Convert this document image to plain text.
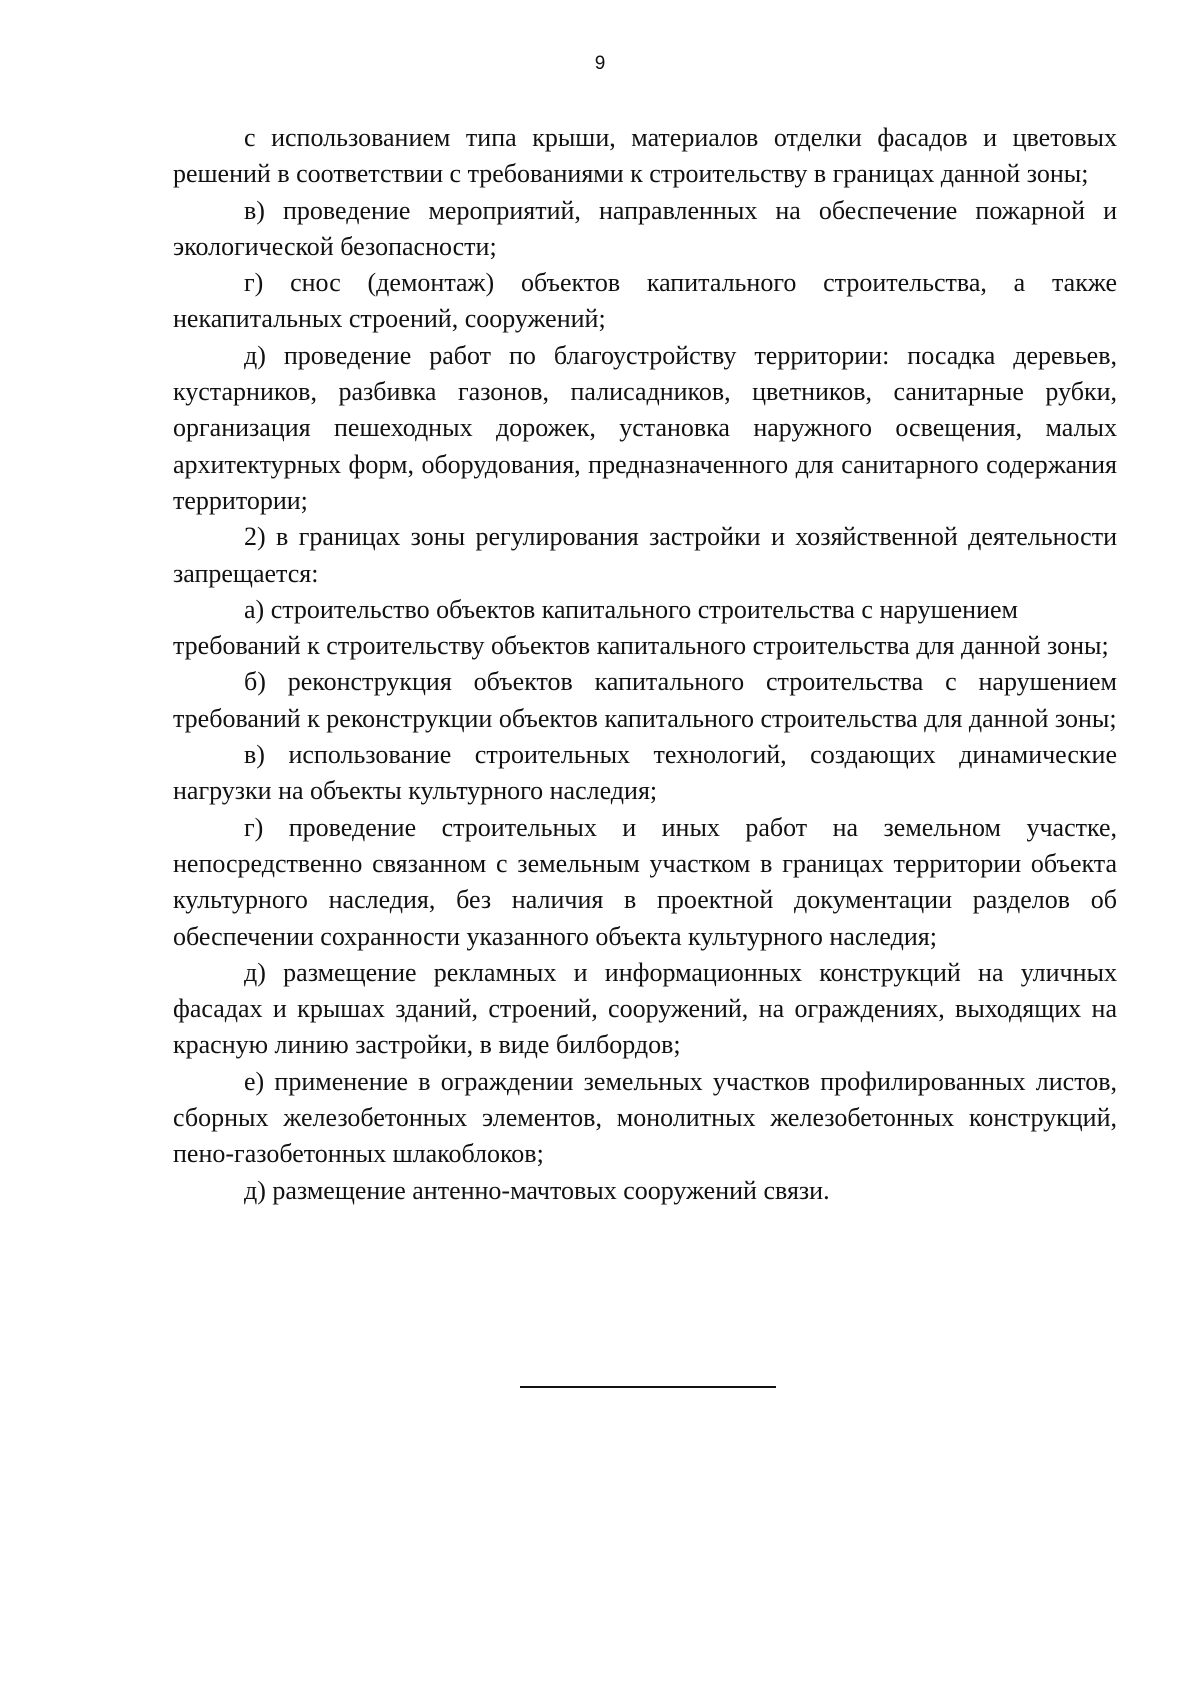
9

с использованием типа крыши, материалов отделки фасадов и цветовых решений в соответствии с требованиями к строительству в границах данной зоны;

в) проведение мероприятий, направленных на обеспечение пожарной и экологической безопасности;

г) снос (демонтаж) объектов капитального строительства, а также некапитальных строений, сооружений;

д) проведение работ по благоустройству территории: посадка деревьев, кустарников, разбивка газонов, палисадников, цветников, санитарные рубки, организация пешеходных дорожек, установка наружного освещения, малых архитектурных форм, оборудования, предназначенного для санитарного содержания территории;

2) в границах зоны регулирования застройки и хозяйственной деятельности запрещается:

а) строительство объектов капитального строительства с нарушением требований к строительству объектов капитального строительства для данной зоны;

б) реконструкция объектов капитального строительства с нарушением требований к реконструкции объектов капитального строительства для данной зоны;

в) использование строительных технологий, создающих динамические нагрузки на объекты культурного наследия;

г) проведение строительных и иных работ на земельном участке, непосредственно связанном с земельным участком в границах территории объекта культурного наследия, без наличия в проектной документации разделов об обеспечении сохранности указанного объекта культурного наследия;

д) размещение рекламных и информационных конструкций на уличных фасадах и крышах зданий, строений, сооружений, на ограждениях, выходящих на красную линию застройки, в виде билбордов;

е) применение в ограждении земельных участков профилированных листов, сборных железобетонных элементов, монолитных железобетонных конструкций, пено-газобетонных шлакоблоков;

д) размещение антенно-мачтовых сооружений связи.
